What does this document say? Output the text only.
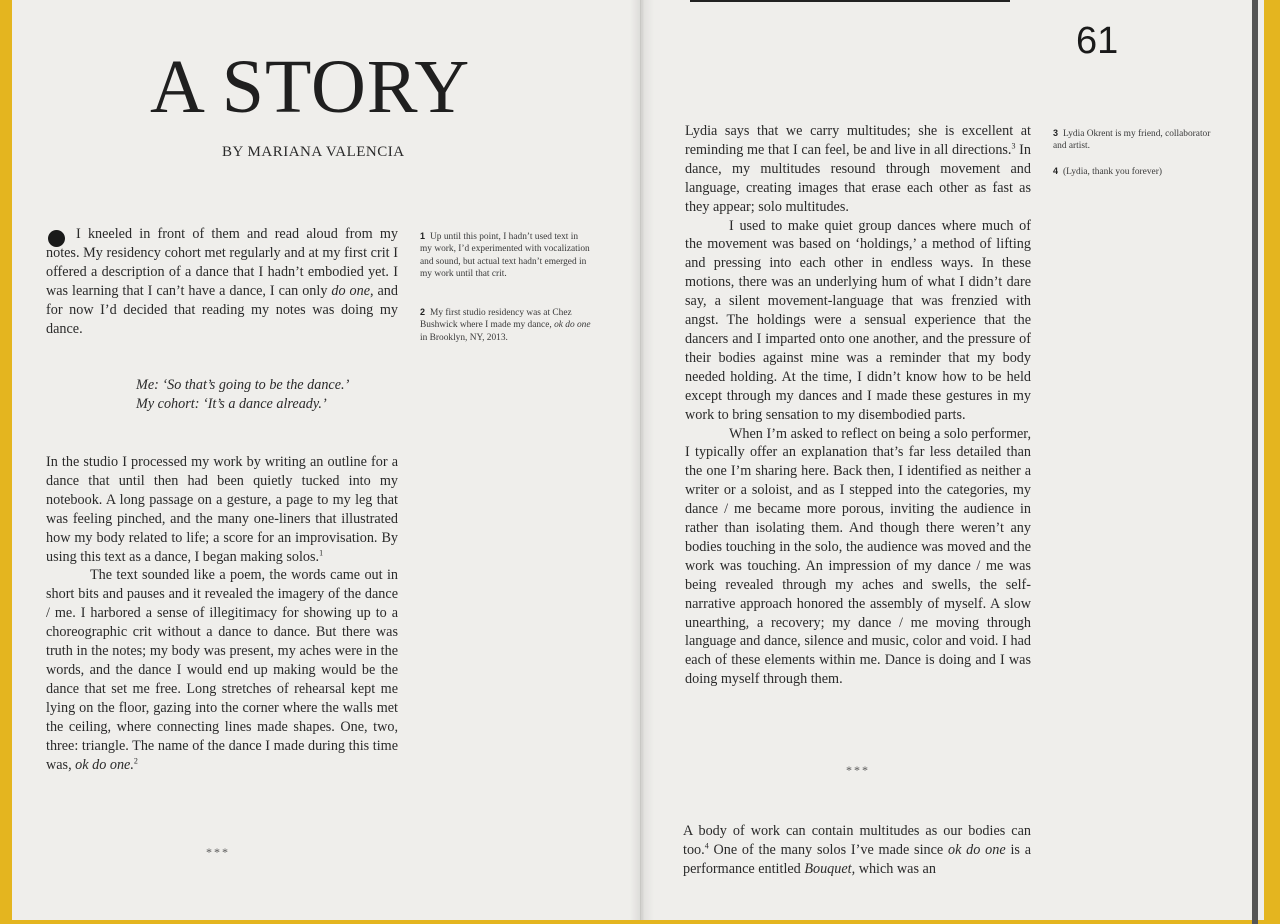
A STORY
BY MARIANA VALENCIA

I kneeled in front of them and read aloud from my notes. My residency cohort met regularly and at my first crit I offered a description of a dance that I hadn’t embodied yet. I was learning that I can’t have a dance, I can only do one, and for now I’d decided that reading my notes was doing my dance.

Me: ‘So that’s going to be the dance.’
My cohort: ‘It’s a dance already.’

In the studio I processed my work by writing an outline for a dance that until then had been quietly tucked into my notebook. A long passage on a gesture, a page to my leg that was feeling pinched, and the many one-liners that illustrated how my body related to life; a score for an improvisation. By using this text as a dance, I began making solos.$^1$

The text sounded like a poem, the words came out in short bits and pauses and it revealed the imagery of the dance / me. I harbored a sense of illegitimacy for showing up to a choreographic crit without a dance to dance. But there was truth in the notes; my body was present, my aches were in the words, and the dance I would end up making would be the dance that set me free. Long stretches of rehearsal kept me lying on the floor, gazing into the corner where the walls met the ceiling, where connecting lines made shapes. One, two, three: triangle. The name of the dance I made during this time was, ok do one.$^2$

***
1 Up until this point, I hadn’t used text in my work, I’d experimented with vocalization and sound, but actual text hadn’t emerged in my work until that crit.
2 My first studio residency was at Chez Bushwick where I made my dance, ok do one in Brooklyn, NY, 2013.
61

Lydia says that we carry multitudes; she is excellent at reminding me that I can feel, be and live in all directions.$^3$ In dance, my multitudes resound through movement and language, creating images that erase each other as fast as they appear; solo multitudes.

I used to make quiet group dances where much of the movement was based on ‘holdings,’ a method of lifting and pressing into each other in endless ways. In these motions, there was an underlying hum of what I didn’t dare say, a silent movement-language that was frenzied with angst. The holdings were a sensual experience that the dancers and I imparted onto one another, and the pressure of their bodies against mine was a reminder that my body needed holding. At the time, I didn’t know how to be held except through my dances and I made these gestures in my work to bring sensation to my disembodied parts.

When I’m asked to reflect on being a solo performer, I typically offer an explanation that’s far less detailed than the one I’m sharing here. Back then, I identified as neither a writer or a soloist, and as I stepped into the categories, my dance / me became more porous, inviting the audience in rather than isolating them. And though there weren’t any bodies touching in the solo, the audience was moved and the work was touching. An impression of my dance / me was being revealed through my aches and swells, the self-narrative approach honored the assembly of myself. A slow unearthing, a recovery; my dance / me moving through language and dance, silence and music, color and void. I had each of these elements within me. Dance is doing and I was doing myself through them.

***

A body of work can contain multitudes as our bodies can too.$^4$ One of the many solos I’ve made since ok do one is a performance entitled Bouquet, which was an

3 Lydia Okrent is my friend, collaborator and artist.
4 (Lydia, thank you forever)
